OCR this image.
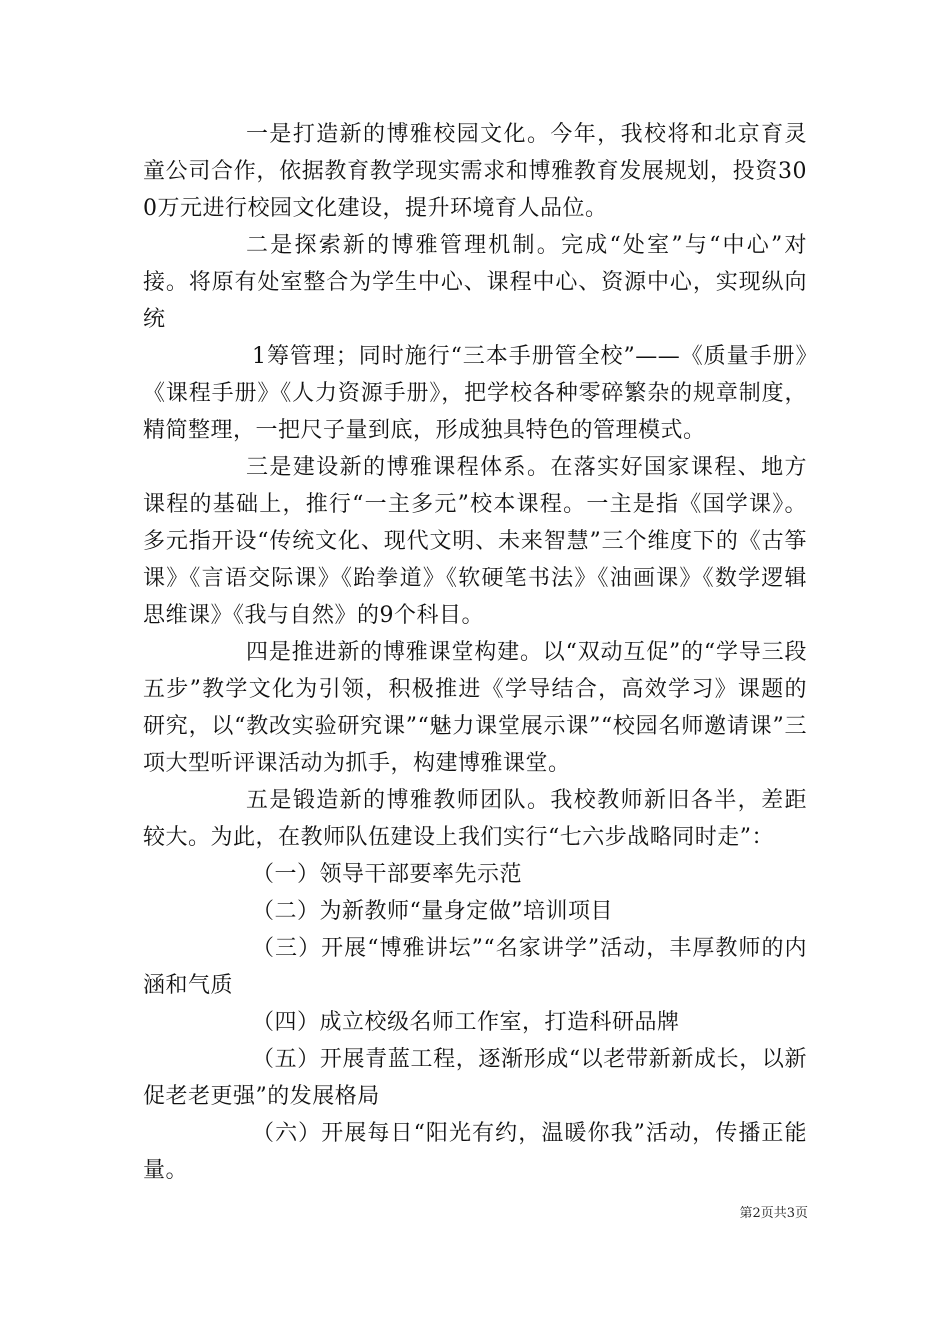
一是打造新的博雅校园文化。今年，我校将和北京育灵童公司合作，依据教育教学现实需求和博雅教育发展规划，投资300万元进行校园文化建设，提升环境育人品位。

二是探索新的博雅管理机制。完成“处室”与“中心”对接。将原有处室整合为学生中心、课程中心、资源中心，实现纵向统

1筹管理；同时施行“三本手册管全校”——《质量手册》《课程手册》《人力资源手册》，把学校各种零碎繁杂的规章制度，精简整理，一把尺子量到底，形成独具特色的管理模式。

三是建设新的博雅课程体系。在落实好国家课程、地方课程的基础上，推行“一主多元”校本课程。一主是指《国学课》。多元指开设“传统文化、现代文明、未来智慧”三个维度下的《古筝课》《言语交际课》《跆拳道》《软硬笔书法》《油画课》《数学逻辑思维课》《我与自然》的9个科目。

四是推进新的博雅课堂构建。以“双动互促”的“学导三段五步”教学文化为引领，积极推进《学导结合，高效学习》课题的研究，以“教改实验研究课”“魅力课堂展示课”“校园名师邀请课”三项大型听评课活动为抓手，构建博雅课堂。

五是锻造新的博雅教师团队。我校教师新旧各半，差距较大。为此，在教师队伍建设上我们实行“七六步战略同时走”：

（一）领导干部要率先示范

（二）为新教师“量身定做”培训项目

（三）开展“博雅讲坛”“名家讲学”活动，丰厚教师的内涵和气质

（四）成立校级名师工作室，打造科研品牌

（五）开展青蓝工程，逐渐形成“以老带新新成长，以新促老老更强”的发展格局

（六）开展每日“阳光有约，温暖你我”活动，传播正能量。

第2页共3页
